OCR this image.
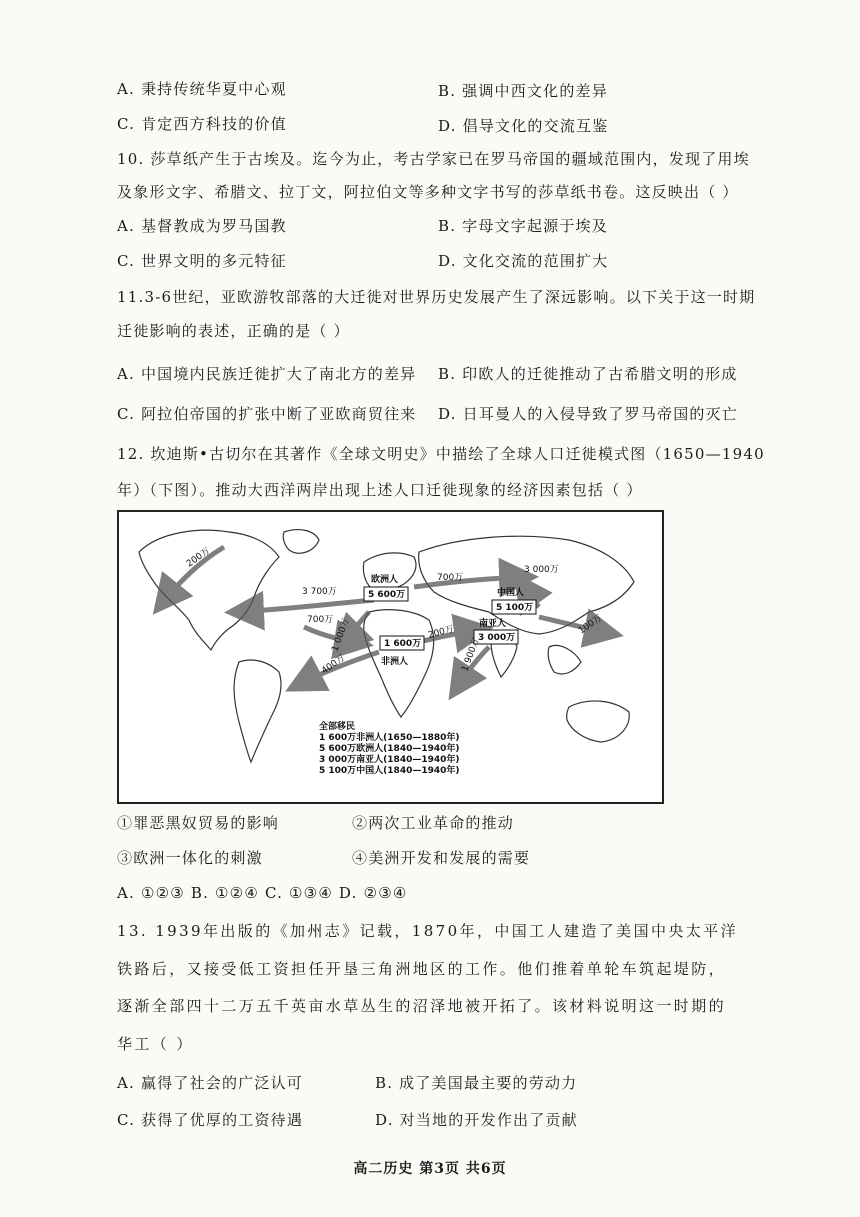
A. 秉持传统华夏中心观	B. 强调中西文化的差异
C. 肯定西方科技的价值	D. 倡导文化的交流互鉴
10. 莎草纸产生于古埃及。迄今为止，考古学家已在罗马帝国的疆域范围内，发现了用埃
及象形文字、希腊文、拉丁文，阿拉伯文等多种文字书写的莎草纸书卷。这反映出（ ）
A. 基督教成为罗马国教	B. 字母文字起源于埃及
C. 世界文明的多元特征	D. 文化交流的范围扩大
11.3-6世纪，亚欧游牧部落的大迁徙对世界历史发展产生了深远影响。以下关于这一时期
迁徙影响的表述，正确的是（ ）
A. 中国境内民族迁徙扩大了南北方的差异 B. 印欧人的迁徙推动了古希腊文明的形成
C. 阿拉伯帝国的扩张中断了亚欧商贸往来 D. 日耳曼人的入侵导致了罗马帝国的灭亡
12. 坎迪斯•古切尔在其著作《全球文明史》中描绘了全球人口迁徙模式图（1650—1940
年）（下图）。推动大西洋两岸出现上述人口迁徙现象的经济因素包括（ ）
5 600万
5 100万
1 600万
3 000万
欧洲人
中国人
非洲人
南亚人
200万
3 700万
700万
3 000万
700万
1 000万	200万
400万
100万
1 900万
全部移民
1 600万非洲人(1650—1880年)
5 600万欧洲人(1840—1940年)
3 000万南亚人(1840—1940年)
5 100万中国人(1840—1940年)
①罪恶黑奴贸易的影响	②两次工业革命的推动
③欧洲一体化的刺激	④美洲开发和发展的需要
A. ①②③ B. ①②④ C. ①③④ D. ②③④
13. 1939年出版的《加州志》记载，1870年，中国工人建造了美国中央太平洋
铁路后，又接受低工资担任开垦三角洲地区的工作。他们推着单轮车筑起堤防，
逐渐全部四十二万五千英亩水草丛生的沼泽地被开拓了。该材料说明这一时期的
华工（ ）
A. 赢得了社会的广泛认可	B. 成了美国最主要的劳动力
C. 获得了优厚的工资待遇	D. 对当地的开发作出了贡献
高二历史 第3页 共6页
